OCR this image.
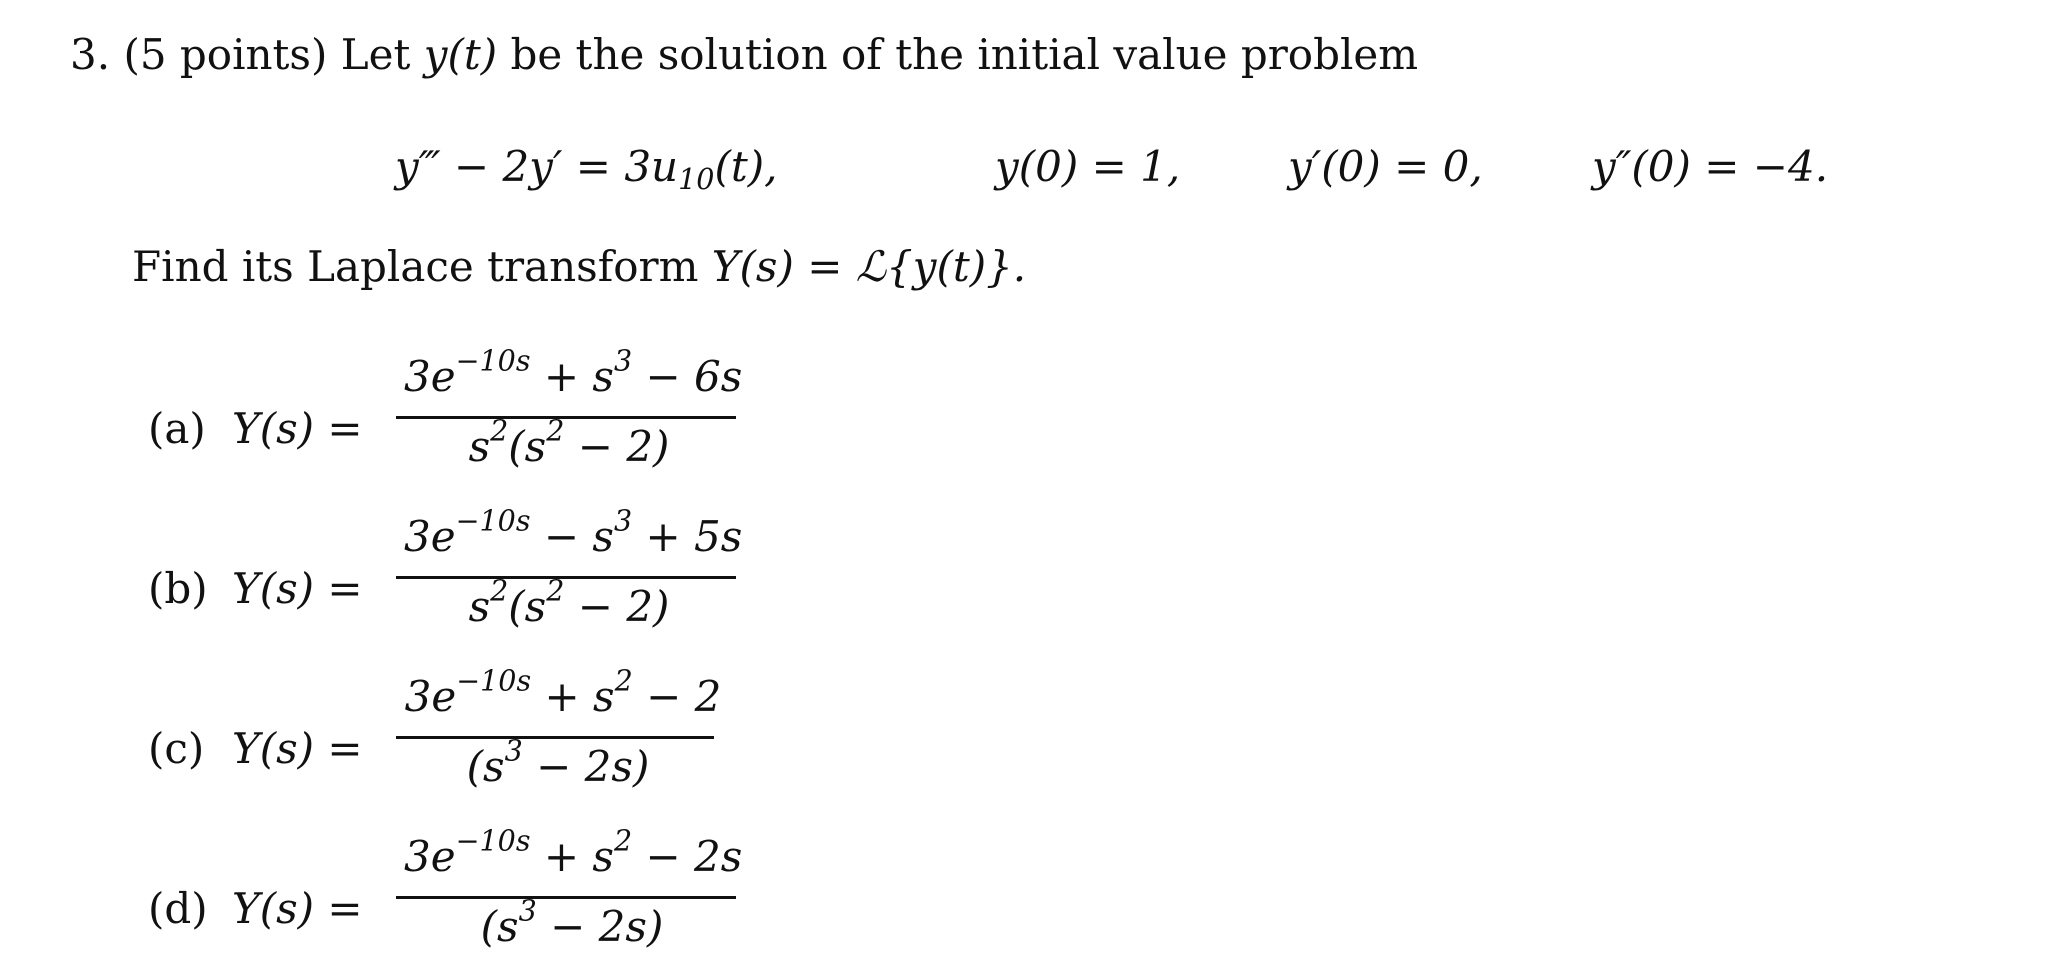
3. (5 points) Let y(t) be the solution of the initial value problem
y‴ − $2y' = 3u_{10}(t)$,	y(0) = 1,	y′(0) = 0,	y″(0) = −4.
Find its Laplace transform Y(s) = ℒ{y(t)}.
(a) Y(s) =
$3e^{-10s} + s^3 - 6s$
$s^2(s^2 - 2)$
(b) Y(s) =
$3e^{-10s} - s^3 + 5s$
$s^2(s^2 - 2)$
(c) Y(s) =
$3e^{-10s} + s^2 - 2$
$(s^3 - 2s)$
(d) Y(s) =
$3e^{-10s} + s^2 - 2s$
$(s^3 - 2s)$
